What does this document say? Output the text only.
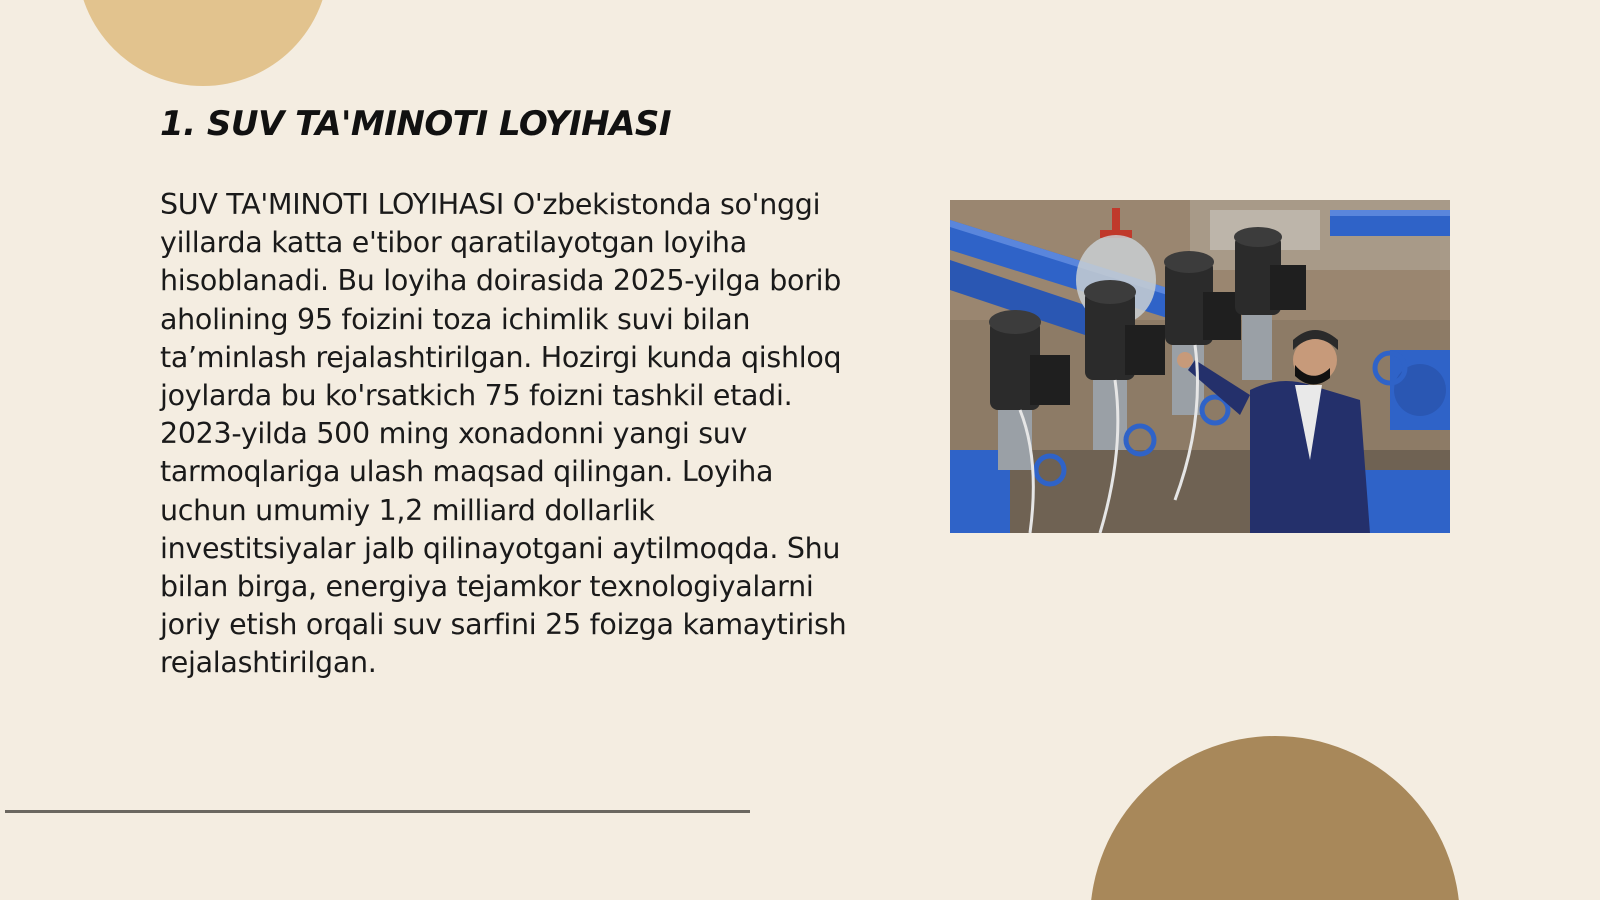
1. SUV TA'MINOTI LOYIHASI

SUV TA'MINOTI LOYIHASI O'zbekistonda so'nggi yillarda katta e'tibor qaratilayotgan loyiha hisoblanadi. Bu loyiha doirasida 2025-yilga borib aholining 95 foizini toza ichimlik suvi bilan ta’minlash rejalashtirilgan. Hozirgi kunda qishloq joylarda bu ko'rsatkich 75 foizni tashkil etadi. 2023-yilda 500 ming xonadonni yangi suv tarmoqlariga ulash maqsad qilingan. Loyiha uchun umumiy 1,2 milliard dollarlik investitsiyalar jalb qilinayotgani aytilmoqda. Shu bilan birga, energiya tejamkor texnologiyalarni joriy etish orqali suv sarfini 25 foizga kamaytirish rejalashtirilgan.
